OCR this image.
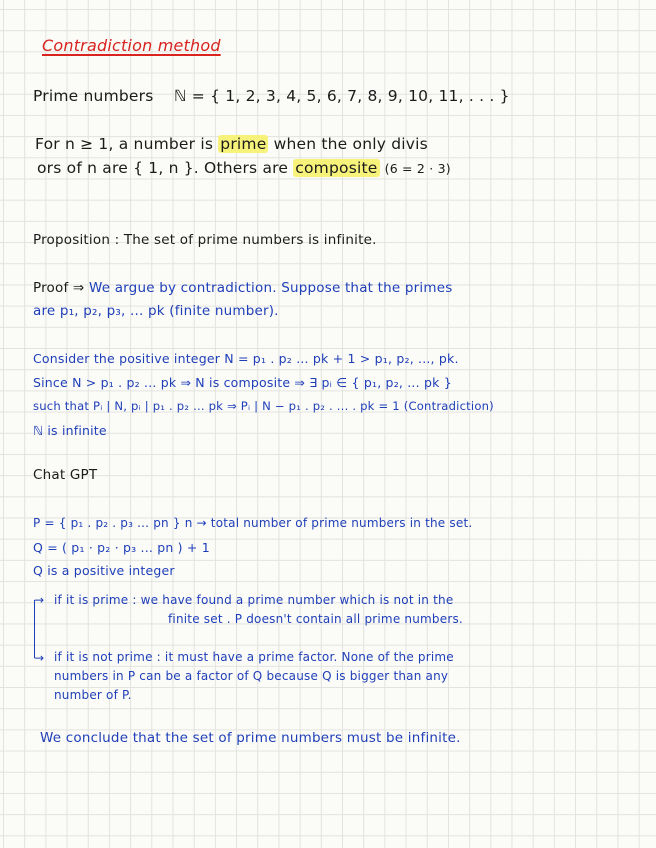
Contradiction method
Prime numbers ℕ = { 1, 2, 3, 4, 5, 6, 7, 8, 9, 10, 11, . . . }
For n ≥ 1, a number is prime when the only divis
ors of n are { 1, n }. Others are composite (6 = 2 · 3)
Proposition : The set of prime numbers is infinite.
Proof ⇒ We argue by contradiction. Suppose that the primes
are p₁, p₂, p₃, ... pk (finite number).
Consider the positive integer N = p₁ . p₂ ... pk + 1 > p₁, p₂, ..., pk.
Since N > p₁ . p₂ ... pk ⇒ N is composite ⇒ ∃ pᵢ ∈ { p₁, p₂, ... pk }
such that Pᵢ | N, pᵢ | p₁ . p₂ ... pk ⇒ Pᵢ | N − p₁ . p₂ . ... . pk = 1 (Contradiction)
ℕ is infinite
Chat GPT
P = { p₁ . p₂ . p₃ ... pn } n → total number of prime numbers in the set.
Q = ( p₁ · p₂ · p₃ ... pn ) + 1
Q is a positive integer
→
→
if it is prime : we have found a prime number which is not in the
finite set . P doesn't contain all prime numbers.
if it is not prime : it must have a prime factor. None of the prime
numbers in P can be a factor of Q because Q is bigger than any
number of P.
We conclude that the set of prime numbers must be infinite.
